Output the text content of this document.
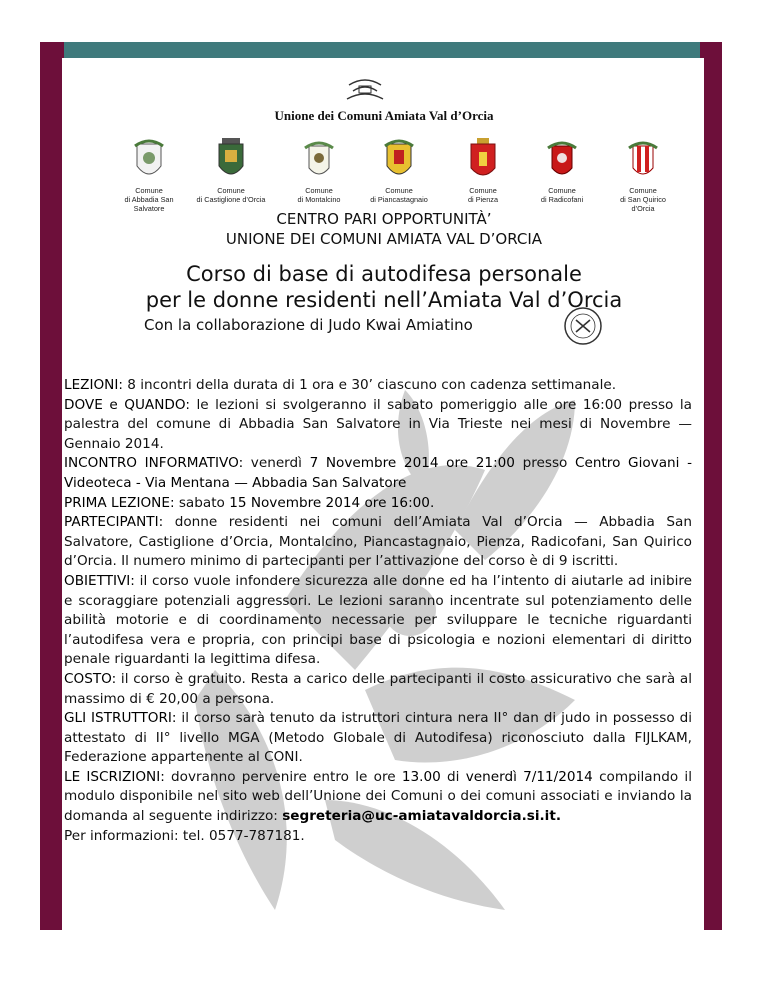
Unione dei Comuni Amiata Val d’Orcia
Comune
di Abbadia San Salvatore
Comune
di Castiglione d’Orcia
Comune
di Montalcino
Comune
di Piancastagnaio
Comune
di Pienza
Comune
di Radicofani
Comune
di San Quirico d’Orcia
CENTRO PARI OPPORTUNITÀ’
UNIONE DEI COMUNI AMIATA VAL D’ORCIA
Corso di base di autodifesa personale
per le donne residenti nell’Amiata Val d’Orcia
Con la collaborazione di Judo Kwai Amiatino

LEZIONI: 8 incontri della durata di 1 ora e 30’ ciascuno con cadenza settimanale.

DOVE e QUANDO: le lezioni si svolgeranno il sabato pomeriggio alle ore 16:00 presso la palestra del comune di Abbadia San Salvatore in Via Trieste nei mesi di Novembre — Gennaio 2014.

INCONTRO INFORMATIVO: venerdì 7 Novembre 2014 ore 21:00 presso Centro Giovani - Videoteca - Via Mentana — Abbadia San Salvatore

PRIMA LEZIONE: sabato 15 Novembre 2014 ore 16:00.

PARTECIPANTI: donne residenti nei comuni dell’Amiata Val d’Orcia — Abbadia San Salvatore, Castiglione d’Orcia, Montalcino, Piancastagnaio, Pienza, Radicofani, San Quirico d’Orcia. Il numero minimo di partecipanti per l’attivazione del corso è di 9 iscritti.

OBIETTIVI: il corso vuole infondere sicurezza alle donne ed ha l’intento di aiutarle ad inibire e scoraggiare potenziali aggressori. Le lezioni saranno incentrate sul potenziamento delle abilità motorie e di coordinamento necessarie per sviluppare le tecniche riguardanti l’autodifesa vera e propria, con principi base di psicologia e nozioni elementari di diritto penale riguardanti la legittima difesa.

COSTO: il corso è gratuito. Resta a carico delle partecipanti il costo assicurativo che sarà al massimo di € 20,00 a persona.

GLI ISTRUTTORI: il corso sarà tenuto da istruttori cintura nera II° dan di judo in possesso di attestato di II° livello MGA (Metodo Globale di Autodifesa) riconosciuto dalla FIJLKAM, Federazione appartenente al CONI.

LE ISCRIZIONI: dovranno pervenire entro le ore 13.00 di venerdì 7/11/2014 compilando il modulo disponibile nel sito web dell’Unione dei Comuni o dei comuni associati e inviando la domanda al seguente indirizzo: segreteria@uc-amiatavaldorcia.si.it.

Per informazioni: tel. 0577-787181.
